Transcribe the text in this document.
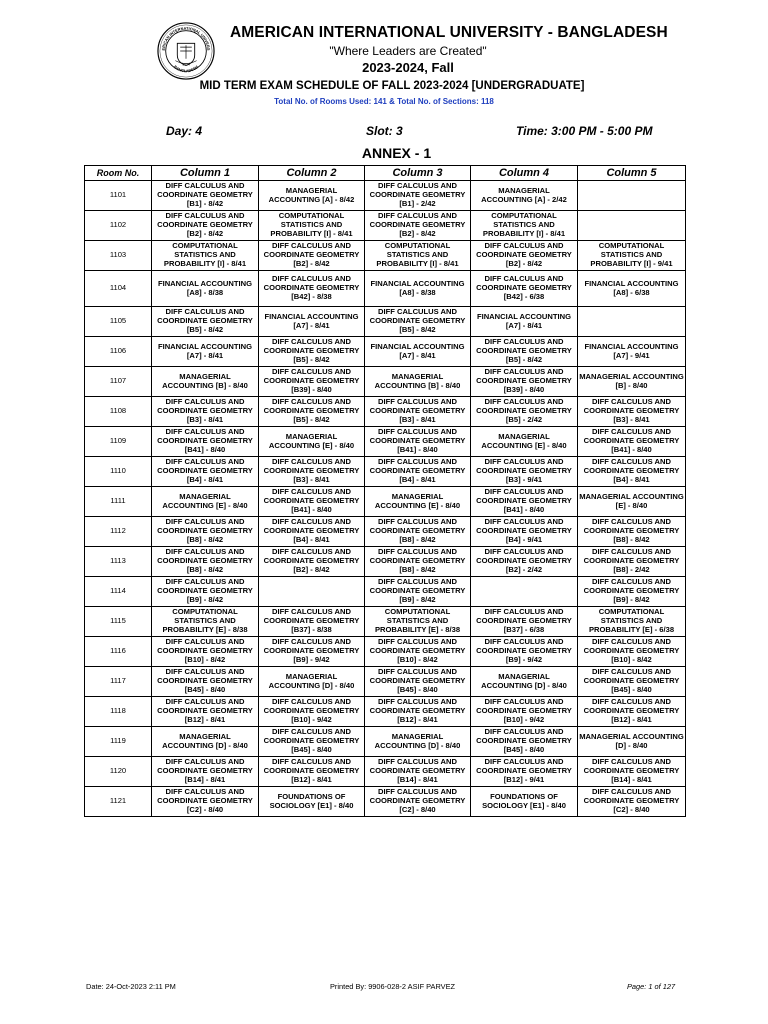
1994
ERICAN INTERNATIONAL UNIVERS
BANGLADESH
AMERICAN INTERNATIONAL UNIVERSITY - BANGLADESH
"Where Leaders are Created"
2023-2024, Fall
MID TERM EXAM SCHEDULE OF FALL 2023-2024 [UNDERGRADUATE]
Total No. of Rooms Used: 141 & Total No. of Sections: 118
Day: 4	Slot: 3	Time: 3:00 PM - 5:00 PM
ANNEX - 1
Room No.	Column 1	Column 2	Column 3	Column 4	Column 5
1101	DIFF CALCULUS AND COORDINATE GEOMETRY [B1] - 8/42	MANAGERIAL ACCOUNTING [A] - 8/42	DIFF CALCULUS AND COORDINATE GEOMETRY [B1] - 2/42	MANAGERIAL ACCOUNTING [A] - 2/42	
1102	DIFF CALCULUS AND COORDINATE GEOMETRY [B2] - 8/42	COMPUTATIONAL STATISTICS AND PROBABILITY [I] - 8/41	DIFF CALCULUS AND COORDINATE GEOMETRY [B2] - 8/42	COMPUTATIONAL STATISTICS AND PROBABILITY [I] - 8/41	
1103	COMPUTATIONAL STATISTICS AND PROBABILITY [I] - 8/41	DIFF CALCULUS AND COORDINATE GEOMETRY [B2] - 8/42	COMPUTATIONAL STATISTICS AND PROBABILITY [I] - 8/41	DIFF CALCULUS AND COORDINATE GEOMETRY [B2] - 8/42	COMPUTATIONAL STATISTICS AND PROBABILITY [I] - 9/41
1104	FINANCIAL ACCOUNTING [A8] - 8/38	DIFF CALCULUS AND COORDINATE GEOMETRY [B42] - 8/38	FINANCIAL ACCOUNTING [A8] - 8/38	DIFF CALCULUS AND COORDINATE GEOMETRY [B42] - 6/38	FINANCIAL ACCOUNTING [A8] - 6/38
1105	DIFF CALCULUS AND COORDINATE GEOMETRY [B5] - 8/42	FINANCIAL ACCOUNTING [A7] - 8/41	DIFF CALCULUS AND COORDINATE GEOMETRY [B5] - 8/42	FINANCIAL ACCOUNTING [A7] - 8/41	
1106	FINANCIAL ACCOUNTING [A7] - 8/41	DIFF CALCULUS AND COORDINATE GEOMETRY [B5] - 8/42	FINANCIAL ACCOUNTING [A7] - 8/41	DIFF CALCULUS AND COORDINATE GEOMETRY [B5] - 8/42	FINANCIAL ACCOUNTING [A7] - 9/41
1107	MANAGERIAL ACCOUNTING [B] - 8/40	DIFF CALCULUS AND COORDINATE GEOMETRY [B39] - 8/40	MANAGERIAL ACCOUNTING [B] - 8/40	DIFF CALCULUS AND COORDINATE GEOMETRY [B39] - 8/40	MANAGERIAL ACCOUNTING [B] - 8/40
1108	DIFF CALCULUS AND COORDINATE GEOMETRY [B3] - 8/41	DIFF CALCULUS AND COORDINATE GEOMETRY [B5] - 8/42	DIFF CALCULUS AND COORDINATE GEOMETRY [B3] - 8/41	DIFF CALCULUS AND COORDINATE GEOMETRY [B5] - 2/42	DIFF CALCULUS AND COORDINATE GEOMETRY [B3] - 8/41
1109	DIFF CALCULUS AND COORDINATE GEOMETRY [B41] - 8/40	MANAGERIAL ACCOUNTING [E] - 8/40	DIFF CALCULUS AND COORDINATE GEOMETRY [B41] - 8/40	MANAGERIAL ACCOUNTING [E] - 8/40	DIFF CALCULUS AND COORDINATE GEOMETRY [B41] - 8/40
1110	DIFF CALCULUS AND COORDINATE GEOMETRY [B4] - 8/41	DIFF CALCULUS AND COORDINATE GEOMETRY [B3] - 8/41	DIFF CALCULUS AND COORDINATE GEOMETRY [B4] - 8/41	DIFF CALCULUS AND COORDINATE GEOMETRY [B3] - 9/41	DIFF CALCULUS AND COORDINATE GEOMETRY [B4] - 8/41
1111	MANAGERIAL ACCOUNTING [E] - 8/40	DIFF CALCULUS AND COORDINATE GEOMETRY [B41] - 8/40	MANAGERIAL ACCOUNTING [E] - 8/40	DIFF CALCULUS AND COORDINATE GEOMETRY [B41] - 8/40	MANAGERIAL ACCOUNTING [E] - 8/40
1112	DIFF CALCULUS AND COORDINATE GEOMETRY [B8] - 8/42	DIFF CALCULUS AND COORDINATE GEOMETRY [B4] - 8/41	DIFF CALCULUS AND COORDINATE GEOMETRY [B8] - 8/42	DIFF CALCULUS AND COORDINATE GEOMETRY [B4] - 9/41	DIFF CALCULUS AND COORDINATE GEOMETRY [B8] - 8/42
1113	DIFF CALCULUS AND COORDINATE GEOMETRY [B8] - 8/42	DIFF CALCULUS AND COORDINATE GEOMETRY [B2] - 8/42	DIFF CALCULUS AND COORDINATE GEOMETRY [B8] - 8/42	DIFF CALCULUS AND COORDINATE GEOMETRY [B2] - 2/42	DIFF CALCULUS AND COORDINATE GEOMETRY [B8] - 2/42
1114	DIFF CALCULUS AND COORDINATE GEOMETRY [B9] - 8/42		DIFF CALCULUS AND COORDINATE GEOMETRY [B9] - 8/42		DIFF CALCULUS AND COORDINATE GEOMETRY [B9] - 8/42
1115	COMPUTATIONAL STATISTICS AND PROBABILITY [E] - 8/38	DIFF CALCULUS AND COORDINATE GEOMETRY [B37] - 8/38	COMPUTATIONAL STATISTICS AND PROBABILITY [E] - 8/38	DIFF CALCULUS AND COORDINATE GEOMETRY [B37] - 6/38	COMPUTATIONAL STATISTICS AND PROBABILITY [E] - 6/38
1116	DIFF CALCULUS AND COORDINATE GEOMETRY [B10] - 8/42	DIFF CALCULUS AND COORDINATE GEOMETRY [B9] - 9/42	DIFF CALCULUS AND COORDINATE GEOMETRY [B10] - 8/42	DIFF CALCULUS AND COORDINATE GEOMETRY [B9] - 9/42	DIFF CALCULUS AND COORDINATE GEOMETRY [B10] - 8/42
1117	DIFF CALCULUS AND COORDINATE GEOMETRY [B45] - 8/40	MANAGERIAL ACCOUNTING [D] - 8/40	DIFF CALCULUS AND COORDINATE GEOMETRY [B45] - 8/40	MANAGERIAL ACCOUNTING [D] - 8/40	DIFF CALCULUS AND COORDINATE GEOMETRY [B45] - 8/40
1118	DIFF CALCULUS AND COORDINATE GEOMETRY [B12] - 8/41	DIFF CALCULUS AND COORDINATE GEOMETRY [B10] - 9/42	DIFF CALCULUS AND COORDINATE GEOMETRY [B12] - 8/41	DIFF CALCULUS AND COORDINATE GEOMETRY [B10] - 9/42	DIFF CALCULUS AND COORDINATE GEOMETRY [B12] - 8/41
1119	MANAGERIAL ACCOUNTING [D] - 8/40	DIFF CALCULUS AND COORDINATE GEOMETRY [B45] - 8/40	MANAGERIAL ACCOUNTING [D] - 8/40	DIFF CALCULUS AND COORDINATE GEOMETRY [B45] - 8/40	MANAGERIAL ACCOUNTING [D] - 8/40
1120	DIFF CALCULUS AND COORDINATE GEOMETRY [B14] - 8/41	DIFF CALCULUS AND COORDINATE GEOMETRY [B12] - 8/41	DIFF CALCULUS AND COORDINATE GEOMETRY [B14] - 8/41	DIFF CALCULUS AND COORDINATE GEOMETRY [B12] - 9/41	DIFF CALCULUS AND COORDINATE GEOMETRY [B14] - 8/41
1121	DIFF CALCULUS AND COORDINATE GEOMETRY [C2] - 8/40	FOUNDATIONS OF SOCIOLOGY [E1] - 8/40	DIFF CALCULUS AND COORDINATE GEOMETRY [C2] - 8/40	FOUNDATIONS OF SOCIOLOGY [E1] - 8/40	DIFF CALCULUS AND COORDINATE GEOMETRY [C2] - 8/40
Date: 24-Oct-2023 2:11 PM	Printed By: 9906-028-2 ASIF PARVEZ	Page: 1 of 127
